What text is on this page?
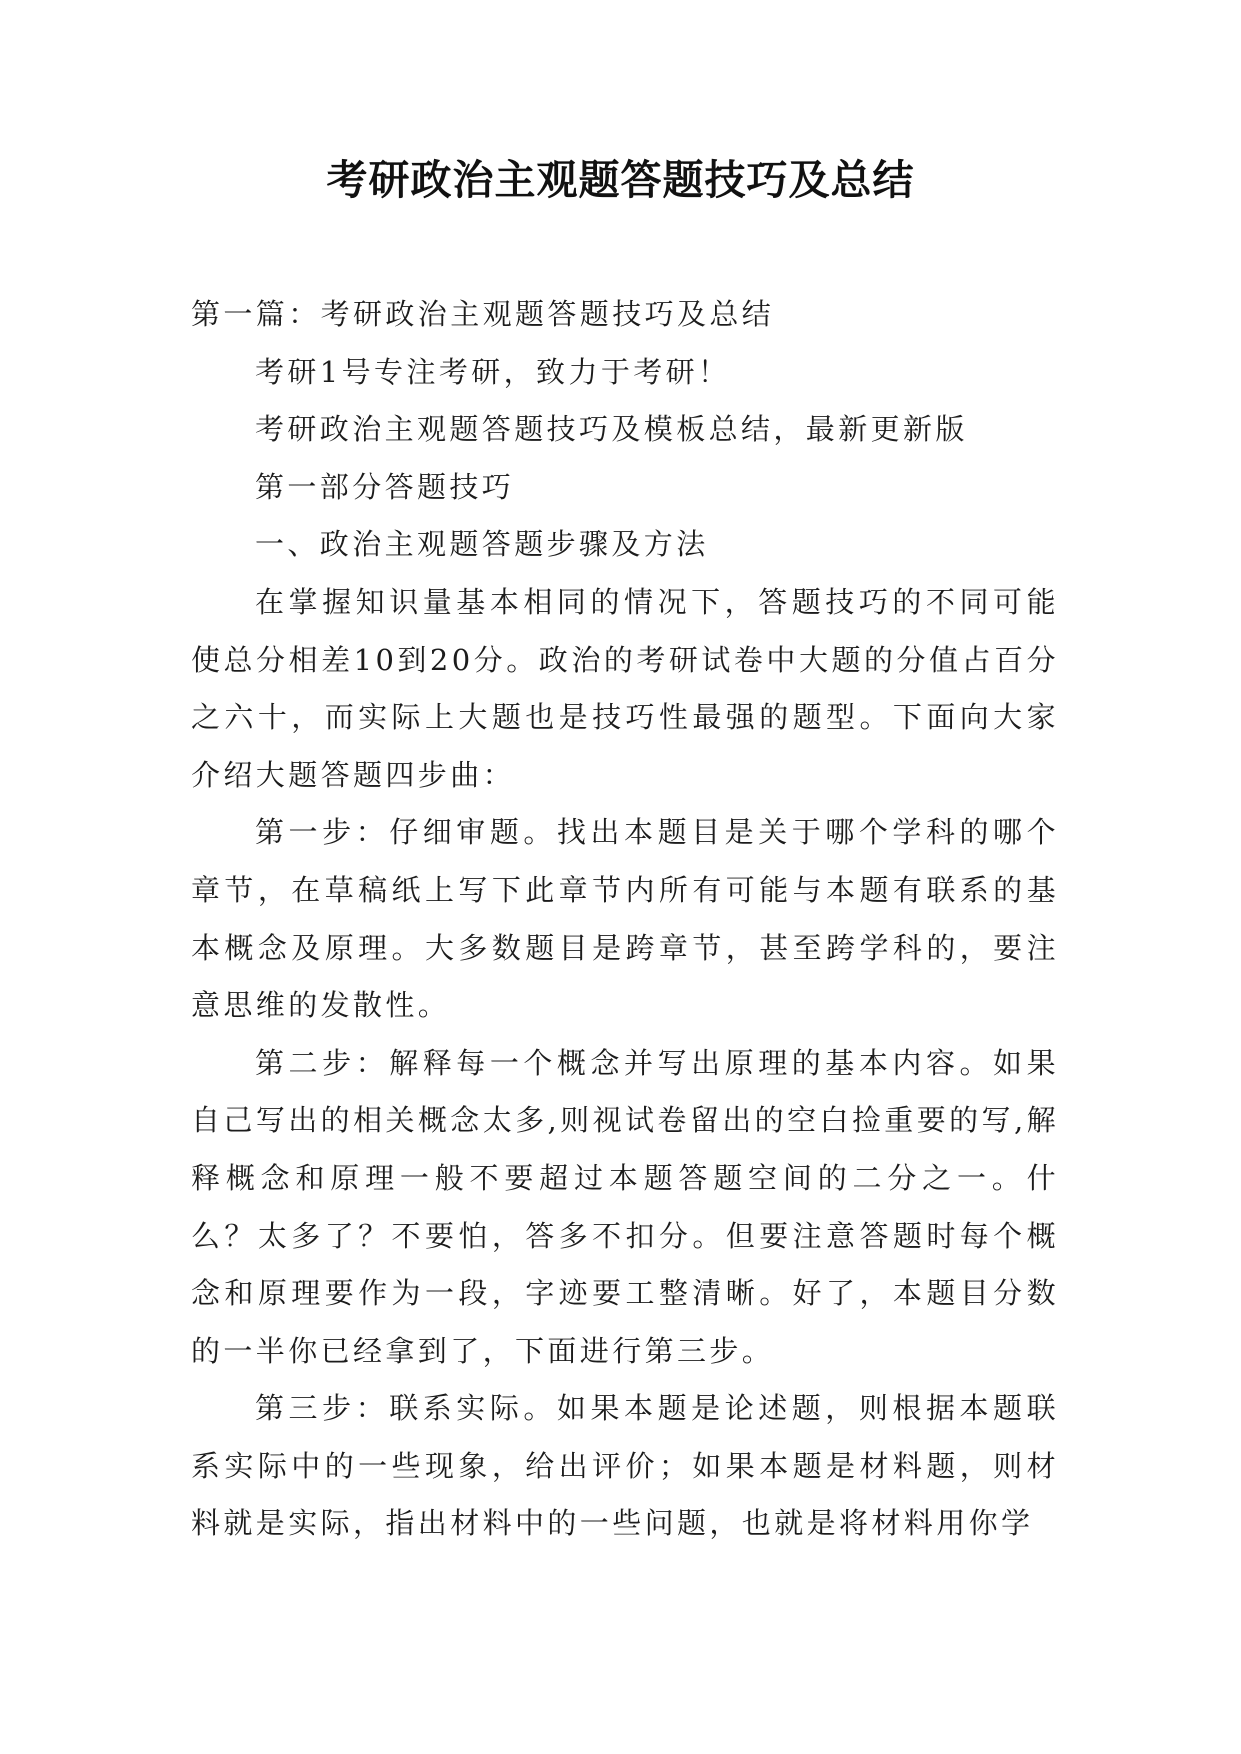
考研政治主观题答题技巧及总结

第一篇：考研政治主观题答题技巧及总结

考研1号专注考研，致力于考研！

考研政治主观题答题技巧及模板总结，最新更新版

第一部分答题技巧

一、政治主观题答题步骤及方法

在掌握知识量基本相同的情况下，答题技巧的不同可能使总分相差10到20分。政治的考研试卷中大题的分值占百分之六十，而实际上大题也是技巧性最强的题型。下面向大家介绍大题答题四步曲：

第一步：仔细审题。找出本题目是关于哪个学科的哪个章节，在草稿纸上写下此章节内所有可能与本题有联系的基本概念及原理。大多数题目是跨章节，甚至跨学科的，要注意思维的发散性。

第二步：解释每一个概念并写出原理的基本内容。如果自己写出的相关概念太多,则视试卷留出的空白捡重要的写,解释概念和原理一般不要超过本题答题空间的二分之一。什么？太多了？不要怕，答多不扣分。但要注意答题时每个概念和原理要作为一段，字迹要工整清晰。好了，本题目分数的一半你已经拿到了，下面进行第三步。

第三步：联系实际。如果本题是论述题，则根据本题联系实际中的一些现象，给出评价；如果本题是材料题，则材料就是实际，指出材料中的一些问题，也就是将材料用你学
